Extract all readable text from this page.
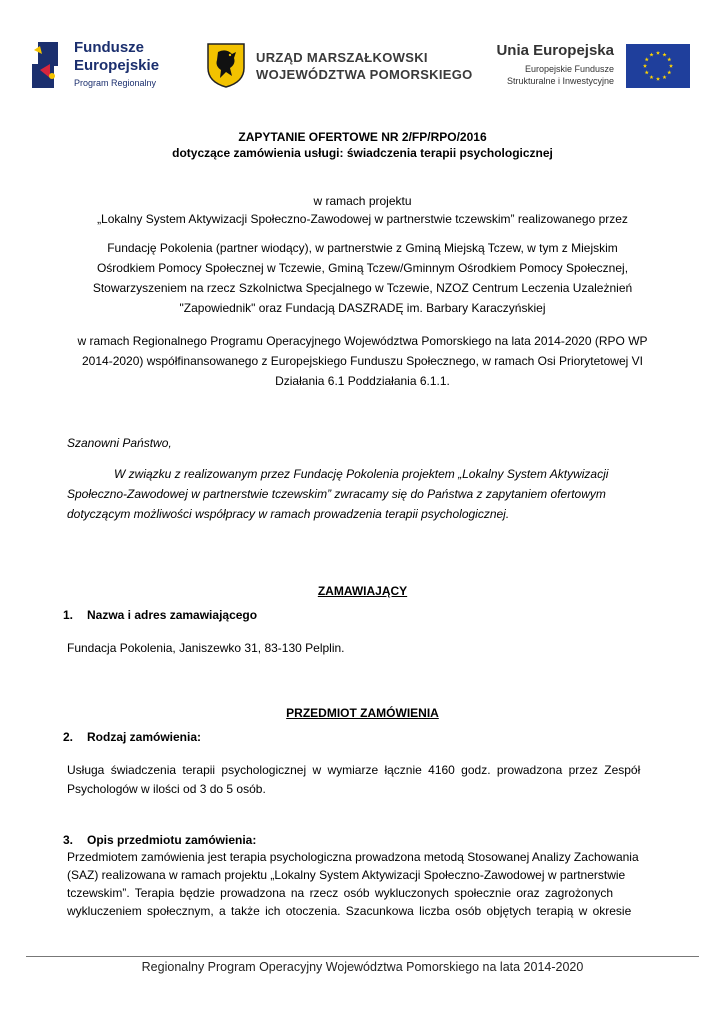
Fundusze
Europejskie
Program Regionalny
URZĄD MARSZAŁKOWSKI
WOJEWÓDZTWA POMORSKIEGO
Unia Europejska
Europejskie Fundusze
Strukturalne i Inwestycyjne
ZAPYTANIE OFERTOWE NR 2/FP/RPO/2016
dotyczące zamówienia usługi: świadczenia terapii psychologicznej
w ramach projektu
„Lokalny System Aktywizacji Społeczno-Zawodowej w partnerstwie tczewskim” realizowanego przez
Fundację Pokolenia (partner wiodący), w partnerstwie z Gminą Miejską Tczew, w tym z Miejskim
Ośrodkiem Pomocy Społecznej w Tczewie, Gminą Tczew/Gminnym Ośrodkiem Pomocy Społecznej,
Stowarzyszeniem na rzecz Szkolnictwa Specjalnego w Tczewie, NZOZ Centrum Leczenia Uzależnień
"Zapowiednik" oraz Fundacją DASZRADĘ im. Barbary Karaczyńskiej
w ramach Regionalnego Programu Operacyjnego Województwa Pomorskiego na lata 2014-2020 (RPO WP
2014-2020) współfinansowanego z Europejskiego Funduszu Społecznego, w ramach Osi Priorytetowej VI
Działania 6.1 Poddziałania 6.1.1.
Szanowni Państwo,
W związku z realizowanym przez Fundację Pokolenia projektem „Lokalny System Aktywizacji
Społeczno-Zawodowej w partnerstwie tczewskim” zwracamy się do Państwa z zapytaniem ofertowym
dotyczącym możliwości współpracy w ramach prowadzenia terapii psychologicznej.
ZAMAWIAJĄCY
1. Nazwa i adres zamawiającego
Fundacja Pokolenia, Janiszewko 31, 83-130 Pelplin.
PRZEDMIOT ZAMÓWIENIA
2. Rodzaj zamówienia:
Usługa świadczenia terapii psychologicznej w wymiarze łącznie 4160 godz. prowadzona przez Zespół
Psychologów w ilości od 3 do 5 osób.
3. Opis przedmiotu zamówienia:
Przedmiotem zamówienia jest terapia psychologiczna prowadzona metodą Stosowanej Analizy Zachowania
(SAZ) realizowana w ramach projektu „Lokalny System Aktywizacji Społeczno-Zawodowej w partnerstwie
tczewskim”. Terapia będzie prowadzona na rzecz osób wykluczonych społecznie oraz zagrożonych
wykluczeniem społecznym, a także ich otoczenia. Szacunkowa liczba osób objętych terapią w okresie
Regionalny Program Operacyjny Województwa Pomorskiego na lata 2014-2020
